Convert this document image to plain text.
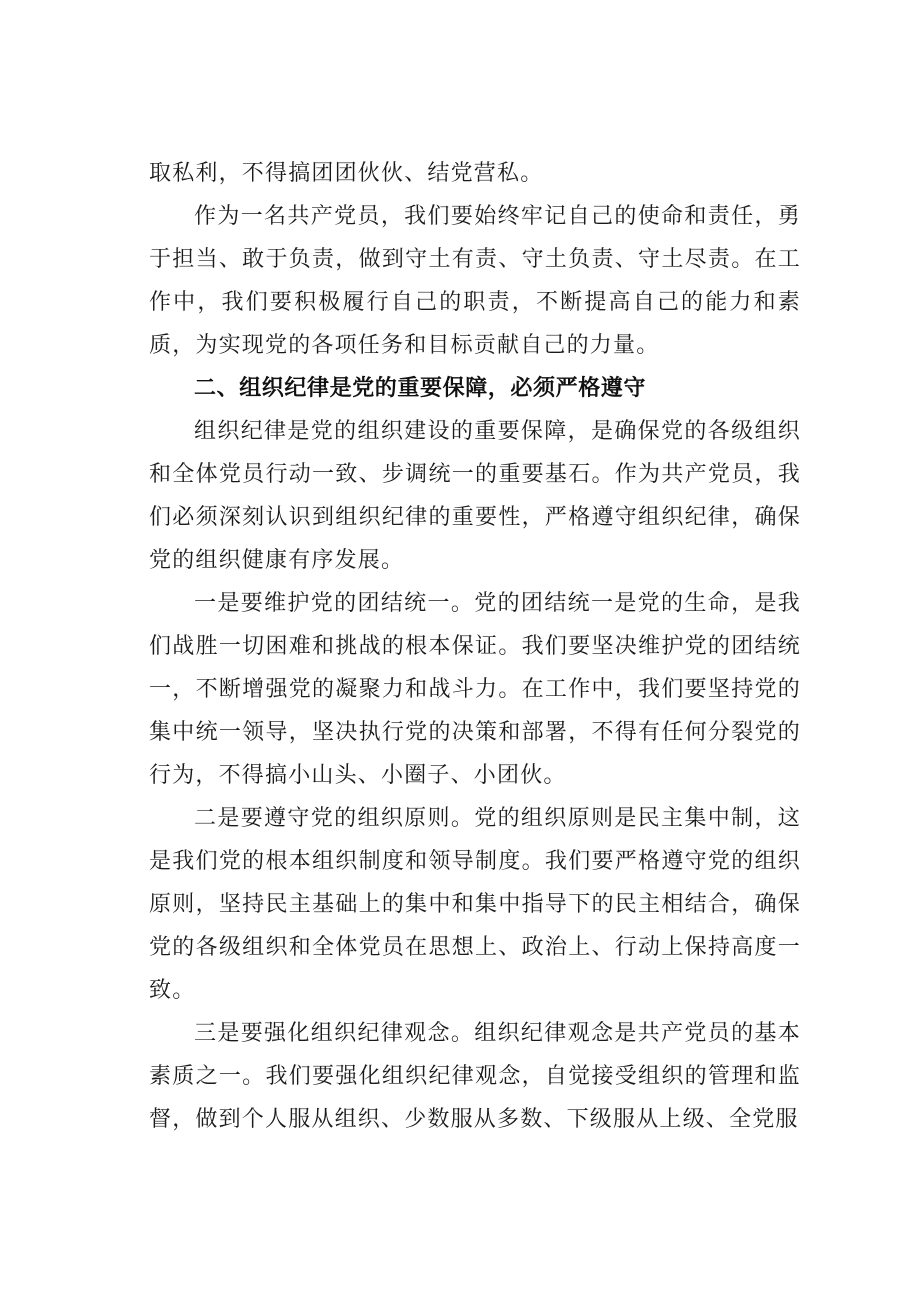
取私利，不得搞团团伙伙、结党营私。

作为一名共产党员，我们要始终牢记自己的使命和责任，勇于担当、敢于负责，做到守土有责、守土负责、守土尽责。在工作中，我们要积极履行自己的职责，不断提高自己的能力和素质，为实现党的各项任务和目标贡献自己的力量。

二、组织纪律是党的重要保障，必须严格遵守

组织纪律是党的组织建设的重要保障，是确保党的各级组织和全体党员行动一致、步调统一的重要基石。作为共产党员，我们必须深刻认识到组织纪律的重要性，严格遵守组织纪律，确保党的组织健康有序发展。

一是要维护党的团结统一。党的团结统一是党的生命，是我们战胜一切困难和挑战的根本保证。我们要坚决维护党的团结统一，不断增强党的凝聚力和战斗力。在工作中，我们要坚持党的集中统一领导，坚决执行党的决策和部署，不得有任何分裂党的行为，不得搞小山头、小圈子、小团伙。

二是要遵守党的组织原则。党的组织原则是民主集中制，这是我们党的根本组织制度和领导制度。我们要严格遵守党的组织原则，坚持民主基础上的集中和集中指导下的民主相结合，确保党的各级组织和全体党员在思想上、政治上、行动上保持高度一致。

三是要强化组织纪律观念。组织纪律观念是共产党员的基本素质之一。我们要强化组织纪律观念，自觉接受组织的管理和监督，做到个人服从组织、少数服从多数、下级服从上级、全党服
